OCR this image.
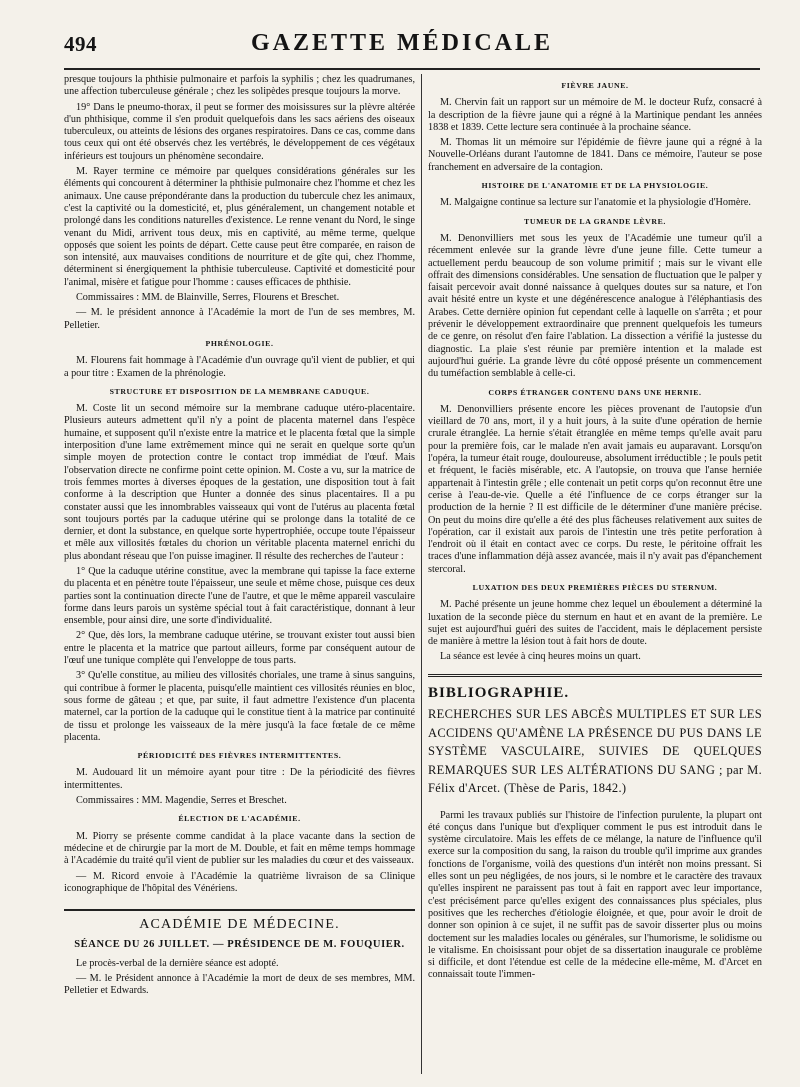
494	GAZETTE MÉDICALE

presque toujours la phthisie pulmonaire et parfois la syphilis ; chez les quadrumanes, une affection tuberculeuse générale ; chez les solipèdes presque toujours la morve.

19° Dans le pneumo-thorax, il peut se former des moisissures sur la plèvre altérée d'un phthisique, comme il s'en produit quelquefois dans les sacs aériens des oiseaux tuberculeux, ou atteints de lésions des organes respiratoires. Dans ce cas, comme dans tous ceux qui ont été observés chez les vertébrés, le développement de ces végétaux inférieurs est toujours un phénomène secondaire.

M. Rayer termine ce mémoire par quelques considérations générales sur les éléments qui concourent à déterminer la phthisie pulmonaire chez l'homme et chez les animaux. Une cause prépondérante dans la production du tubercule chez les animaux, c'est la captivité ou la domesticité, et, plus généralement, un changement notable et prolongé dans les conditions naturelles d'existence. Le renne venant du Nord, le singe venant du Midi, arrivent tous deux, mis en captivité, au même terme, quelque opposés que soient les points de départ. Cette cause peut être comparée, en raison de son intensité, aux mauvaises conditions de nourriture et de gîte qui, chez l'homme, déterminent si énergiquement la phthisie tuberculeuse. Captivité et domesticité pour l'animal, misère et fatigue pour l'homme : causes efficaces de phthisie.

Commissaires : MM. de Blainville, Serres, Flourens et Breschet.

— M. le président annonce à l'Académie la mort de l'un de ses membres, M. Pelletier.

PHRÉNOLOGIE.

M. Flourens fait hommage à l'Académie d'un ouvrage qu'il vient de publier, et qui a pour titre : Examen de la phrénologie.

STRUCTURE ET DISPOSITION DE LA MEMBRANE CADUQUE.

M. Coste lit un second mémoire sur la membrane caduque utéro-placentaire. Plusieurs auteurs admettent qu'il n'y a point de placenta maternel dans l'espèce humaine, et supposent qu'il n'existe entre la matrice et le placenta fœtal que la simple interposition d'une lame extrêmement mince qui ne serait en quelque sorte qu'un simple moyen de protection contre le contact trop immédiat de l'œuf. Mais l'observation directe ne confirme point cette opinion. M. Coste a vu, sur la matrice de trois femmes mortes à diverses époques de la gestation, une disposition tout à fait conforme à la description que Hunter a donnée des sinus placentaires. Il a pu constater aussi que les innombrables vaisseaux qui vont de l'utérus au placenta fœtal sont toujours portés par la caduque utérine qui se prolonge dans la totalité de ce dernier, et dont la substance, en quelque sorte hypertrophiée, occupe toute l'épaisseur et mêle aux villosités fœtales du chorion un véritable placenta maternel enrichi du plus abondant réseau que l'on puisse imaginer. Il résulte des recherches de l'auteur :

1° Que la caduque utérine constitue, avec la membrane qui tapisse la face externe du placenta et en pénètre toute l'épaisseur, une seule et même chose, puisque ces deux parties sont la continuation directe l'une de l'autre, et que le même appareil vasculaire forme dans leurs parois un système spécial tout à fait caractéristique, donnant à leur ensemble, pour ainsi dire, une sorte d'individualité.

2° Que, dès lors, la membrane caduque utérine, se trouvant exister tout aussi bien entre le placenta et la matrice que partout ailleurs, forme par conséquent autour de l'œuf une tunique complète qui l'enveloppe de tous parts.

3° Qu'elle constitue, au milieu des villosités choriales, une trame à sinus sanguins, qui contribue à former le placenta, puisqu'elle maintient ces villosités réunies en bloc, sous forme de gâteau ; et que, par suite, il faut admettre l'existence d'un placenta maternel, car la portion de la caduque qui le constitue tient à la matrice par continuité de tissu et prolonge les vaisseaux de la mère jusqu'à la face fœtale de ce même placenta.

PÉRIODICITÉ DES FIÈVRES INTERMITTENTES.

M. Audouard lit un mémoire ayant pour titre : De la périodicité des fièvres intermittentes.

Commissaires : MM. Magendie, Serres et Breschet.

ÉLECTION DE L'ACADÉMIE.

M. Piorry se présente comme candidat à la place vacante dans la section de médecine et de chirurgie par la mort de M. Double, et fait en même temps hommage à l'Académie du traité qu'il vient de publier sur les maladies du cœur et des vaisseaux.

— M. Ricord envoie à l'Académie la quatrième livraison de sa Clinique iconographique de l'hôpital des Vénériens.

ACADÉMIE DE MÉDECINE.
SÉANCE DU 26 JUILLET. — PRÉSIDENCE DE M. FOUQUIER.

Le procès-verbal de la dernière séance est adopté.

— M. le Président annonce à l'Académie la mort de deux de ses membres, MM. Pelletier et Edwards.

FIÈVRE JAUNE.

M. Chervin fait un rapport sur un mémoire de M. le docteur Rufz, consacré à la description de la fièvre jaune qui a régné à la Martinique pendant les années 1838 et 1839. Cette lecture sera continuée à la prochaine séance.

M. Thomas lit un mémoire sur l'épidémie de fièvre jaune qui a régné à la Nouvelle-Orléans durant l'automne de 1841. Dans ce mémoire, l'auteur se pose franchement en adversaire de la contagion.

HISTOIRE DE L'ANATOMIE ET DE LA PHYSIOLOGIE.

M. Malgaigne continue sa lecture sur l'anatomie et la physiologie d'Homère.

TUMEUR DE LA GRANDE LÈVRE.

M. Denonvilliers met sous les yeux de l'Académie une tumeur qu'il a récemment enlevée sur la grande lèvre d'une jeune fille. Cette tumeur a actuellement perdu beaucoup de son volume primitif ; mais sur le vivant elle offrait des dimensions considérables. Une sensation de fluctuation que le palper y faisait percevoir avait donné naissance à quelques doutes sur sa nature, et l'on avait hésité entre un kyste et une dégénérescence analogue à l'éléphantiasis des Arabes. Cette dernière opinion fut cependant celle à laquelle on s'arrêta ; et pour prévenir le développement extraordinaire que prennent quelquefois les tumeurs de ce genre, on résolut d'en faire l'ablation. La dissection a vérifié la justesse du diagnostic. La plaie s'est réunie par première intention et la malade est aujourd'hui guérie. La grande lèvre du côté opposé présente un commencement du tuméfaction semblable à celle-ci.

CORPS ÉTRANGER CONTENU DANS UNE HERNIE.

M. Denonvilliers présente encore les pièces provenant de l'autopsie d'un vieillard de 70 ans, mort, il y a huit jours, à la suite d'une opération de hernie crurale étranglée. La hernie s'était étranglée en même temps qu'elle avait paru pour la première fois, car le malade n'en avait jamais eu auparavant. Lorsqu'on l'opéra, la tumeur était rouge, douloureuse, absolument irréductible ; le pouls petit et fréquent, le faciès misérable, etc. A l'autopsie, on trouva que l'anse herniée appartenait à l'intestin grêle ; elle contenait un petit corps qu'on reconnut être une cerise à l'eau-de-vie. Quelle a été l'influence de ce corps étranger sur la production de la hernie ? Il est difficile de le déterminer d'une manière précise. On peut du moins dire qu'elle a été des plus fâcheuses relativement aux suites de l'opération, car il existait aux parois de l'intestin une très petite perforation à l'endroit où il était en contact avec ce corps. Du reste, le péritoine offrait les traces d'une inflammation déjà assez avancée, mais il n'y avait pas d'épanchement stercoral.

LUXATION DES DEUX PREMIÈRES PIÈCES DU STERNUM.

M. Paché présente un jeune homme chez lequel un éboulement a déterminé la luxation de la seconde pièce du sternum en haut et en avant de la première. Le sujet est aujourd'hui guéri des suites de l'accident, mais le déplacement persiste de manière à mettre la lésion tout à fait hors de doute.

La séance est levée à cinq heures moins un quart.

BIBLIOGRAPHIE.

RECHERCHES SUR LES ABCÈS MULTIPLES ET SUR LES ACCIDENS QU'AMÈNE LA PRÉSENCE DU PUS DANS LE SYSTÈME VASCULAIRE, SUIVIES DE QUELQUES REMARQUES SUR LES ALTÉRATIONS DU SANG ; par M. Félix d'Arcet. (Thèse de Paris, 1842.)

Parmi les travaux publiés sur l'histoire de l'infection purulente, la plupart ont été conçus dans l'unique but d'expliquer comment le pus est introduit dans le système circulatoire. Mais les effets de ce mélange, la nature de l'influence qu'il exerce sur la composition du sang, la raison du trouble qu'il imprime aux grandes fonctions de l'organisme, voilà des questions d'un intérêt non moins pressant. Si elles sont un peu négligées, de nos jours, si le nombre et le caractère des travaux qu'elles inspirent ne paraissent pas tout à fait en rapport avec leur importance, c'est précisément parce qu'elles exigent des connaissances plus spéciales, plus positives que les recherches d'étiologie éloignée, et que, pour avoir le droit de donner son opinion à ce sujet, il ne suffit pas de savoir disserter plus ou moins doctement sur les maladies locales ou générales, sur l'humorisme, le solidisme ou le vitalisme. En choisissant pour objet de sa dissertation inaugurale ce problème si difficile, et dont l'étendue est celle de la médecine elle-même, M. d'Arcet en connaissait toute l'immen-
